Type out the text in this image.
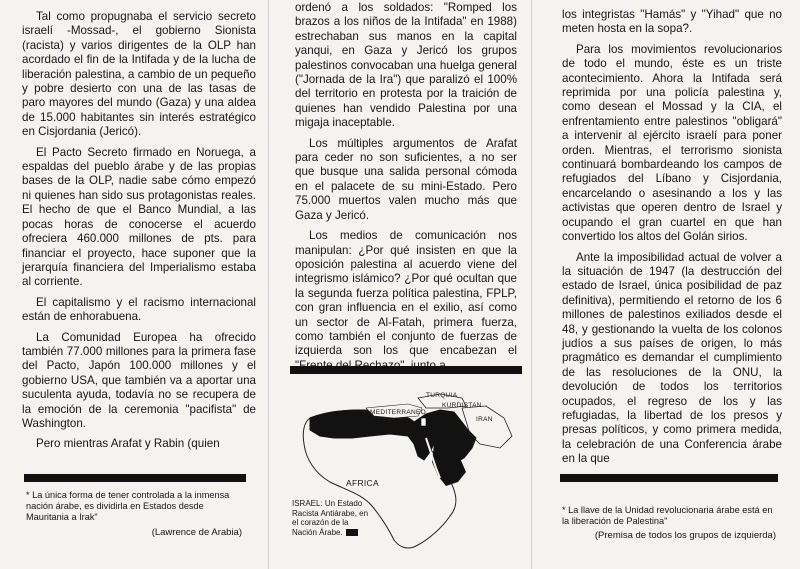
Tal como propugnaba el servicio secreto israelí -Mossad-, el gobierno Sionista (racista) y varios dirigentes de la OLP han acordado el fin de la Intifada y de la lucha de liberación palestina, a cambio de un pequeño y pobre desierto con una de las tasas de paro mayores del mundo (Gaza) y una aldea de 15.000 habitantes sin interés estratégico en Cisjordania (Jericó).

El Pacto Secreto firmado en Noruega, a espaldas del pueblo árabe y de las propias bases de la OLP, nadie sabe cómo empezó ni quienes han sido sus protagonistas reales. El hecho de que el Banco Mundial, a las pocas horas de conocerse el acuerdo ofreciera 460.000 millones de pts. para financiar el proyecto, hace suponer que la jerarquía financiera del Imperialismo estaba al corriente.

El capitalismo y el racismo internacional están de enhorabuena.

La Comunidad Europea ha ofrecido también 77.000 millones para la primera fase del Pacto, Japón 100.000 millones y el gobierno USA, que también va a aportar una suculenta ayuda, todavía no se recupera de la emoción de la ceremonia "pacifista" de Washington.

Pero mientras Arafat y Rabin (quien

* La única forma de tener controlada a la inmensa nación árabe, es dividirla en Estados desde Mauritania a Irak"
(Lawrence de Arabia)

ordenó a los soldados: "Romped los brazos a los niños de la Intifada" en 1988) estrechaban sus manos en la capital yanqui, en Gaza y Jericó los grupos palestinos convocaban una huelga general ("Jornada de la Ira") que paralizó el 100% del territorio en protesta por la traición de quienes han vendido Palestina por una migaja inaceptable.

Los múltiples argumentos de Arafat para ceder no son suficientes, a no ser que busque una salida personal cómoda en el palacete de su mini-Estado. Pero 75.000 muertos valen mucho más que Gaza y Jericó.

Los medios de comunicación nos manipulan: ¿Por qué insisten en que la oposición palestina al acuerdo viene del integrismo islámico? ¿Por qué ocultan que la segunda fuerza política palestina, FPLP, con gran influencia en el exilio, así como un sector de Al-Fatah, primera fuerza, como también el conjunto de fuerzas de izquierda son los que encabezan el

TURQUIA
KURDISTAN
MEDITERRANEO
IRAN
AFRICA
ISRAEL: Un Estado Racista Antiárabe, en el corazón de la Nación Árabe.

los integristas "Hamás" y "Yihad" que no meten hosta en la sopa?.

Para los movimientos revolucionarios de todo el mundo, éste es un triste acontecimiento. Ahora la Intifada será reprimida por una policía palestina y, como desean el Mossad y la CIA, el enfrentamiento entre palestinos "obligará" a intervenir al ejército israelí para poner orden. Mientras, el terrorismo sionista continuará bombardeando los campos de refugiados del Líbano y Cisjordania, encarcelando o asesinando a los y las activistas que operen dentro de Israel y ocupando el gran cuartel en que han convertido los altos del Golán sirios.

Ante la imposibilidad actual de volver a la situación de 1947 (la destrucción del estado de Israel, única posibilidad de paz definitiva), permitiendo el retorno de los 6 millones de palestinos exiliados desde el 48, y gestionando la vuelta de los colonos judíos a sus países de origen, lo más pragmático es demandar el cumplimiento de las resoluciones de la ONU, la devolución de todos los territorios ocupados, el regreso de los y las refugiadas, la libertad de los presos y presas políticos, y como primera medida, la celebración de una Conferencia árabe en la que

* La llave de la Unidad revolucionaria árabe está en la liberación de Palestina"
(Premisa de todos los grupos de izquierda)
